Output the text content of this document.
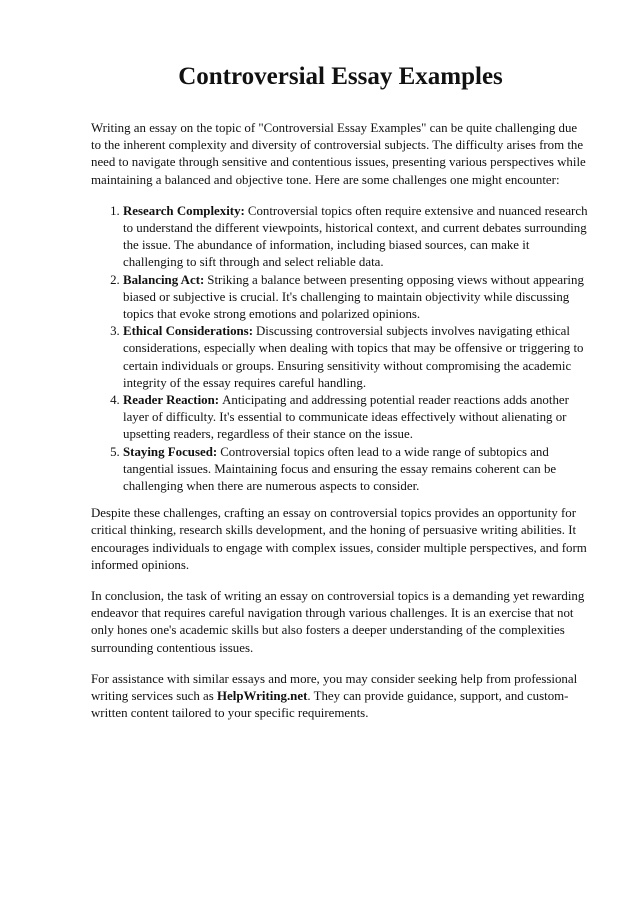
Controversial Essay Examples

Writing an essay on the topic of "Controversial Essay Examples" can be quite challenging due to the inherent complexity and diversity of controversial subjects. The difficulty arises from the need to navigate through sensitive and contentious issues, presenting various perspectives while maintaining a balanced and objective tone. Here are some challenges one might encounter:

1. Research Complexity: Controversial topics often require extensive and nuanced research to understand the different viewpoints, historical context, and current debates surrounding the issue. The abundance of information, including biased sources, can make it challenging to sift through and select reliable data.
2. Balancing Act: Striking a balance between presenting opposing views without appearing biased or subjective is crucial. It's challenging to maintain objectivity while discussing topics that evoke strong emotions and polarized opinions.
3. Ethical Considerations: Discussing controversial subjects involves navigating ethical considerations, especially when dealing with topics that may be offensive or triggering to certain individuals or groups. Ensuring sensitivity without compromising the academic integrity of the essay requires careful handling.
4. Reader Reaction: Anticipating and addressing potential reader reactions adds another layer of difficulty. It's essential to communicate ideas effectively without alienating or upsetting readers, regardless of their stance on the issue.
5. Staying Focused: Controversial topics often lead to a wide range of subtopics and tangential issues. Maintaining focus and ensuring the essay remains coherent can be challenging when there are numerous aspects to consider.

Despite these challenges, crafting an essay on controversial topics provides an opportunity for critical thinking, research skills development, and the honing of persuasive writing abilities. It encourages individuals to engage with complex issues, consider multiple perspectives, and form informed opinions.

In conclusion, the task of writing an essay on controversial topics is a demanding yet rewarding endeavor that requires careful navigation through various challenges. It is an exercise that not only hones one's academic skills but also fosters a deeper understanding of the complexities surrounding contentious issues.

For assistance with similar essays and more, you may consider seeking help from professional writing services such as HelpWriting.net. They can provide guidance, support, and custom-written content tailored to your specific requirements.
